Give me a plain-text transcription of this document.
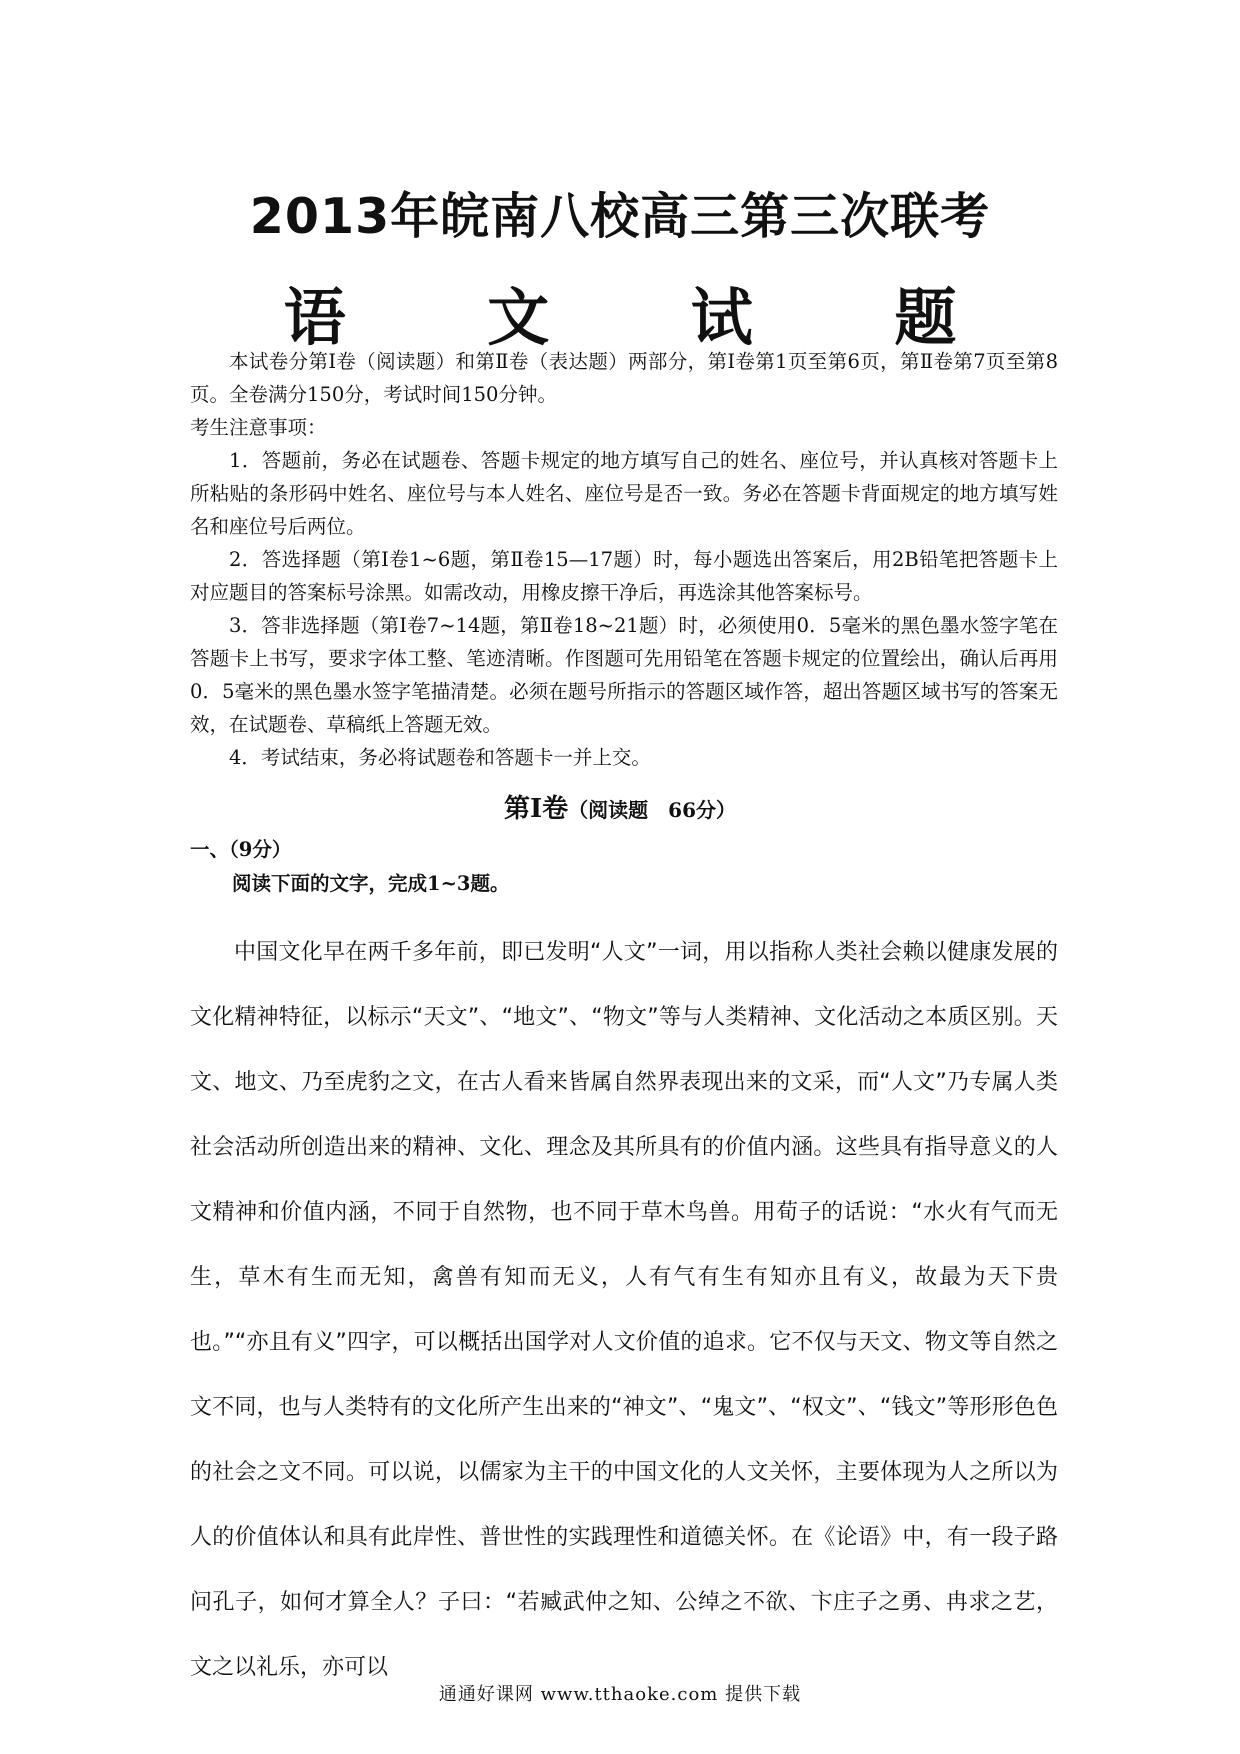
2013年皖南八校高三第三次联考
语 文 试 题

本试卷分第Ⅰ卷（阅读题）和第Ⅱ卷（表达题）两部分，第Ⅰ卷第1页至第6页，第Ⅱ卷第7页至第8页。全卷满分150分，考试时间150分钟。

考生注意事项：

1．答题前，务必在试题卷、答题卡规定的地方填写自己的姓名、座位号，并认真核对答题卡上所粘贴的条形码中姓名、座位号与本人姓名、座位号是否一致。务必在答题卡背面规定的地方填写姓名和座位号后两位。

2．答选择题（第Ⅰ卷1~6题，第Ⅱ卷15—17题）时，每小题选出答案后，用2B铅笔把答题卡上对应题目的答案标号涂黑。如需改动，用橡皮擦干净后，再选涂其他答案标号。

3．答非选择题（第Ⅰ卷7~14题，第Ⅱ卷18~21题）时，必须使用0．5毫米的黑色墨水签字笔在答题卡上书写，要求字体工整、笔迹清晰。作图题可先用铅笔在答题卡规定的位置绘出，确认后再用0．5毫米的黑色墨水签字笔描清楚。必须在题号所指示的答题区域作答，超出答题区域书写的答案无效，在试题卷、草稿纸上答题无效。

4．考试结束，务必将试题卷和答题卡一并上交。

第Ⅰ卷（阅读题　66分）
一、（9分）
阅读下面的文字，完成1~3题。

中国文化早在两千多年前，即已发明“人文”一词，用以指称人类社会赖以健康发展的文化精神特征，以标示“天文”、“地文”、“物文”等与人类精神、文化活动之本质区别。天文、地文、乃至虎豹之文，在古人看来皆属自然界表现出来的文采，而“人文”乃专属人类社会活动所创造出来的精神、文化、理念及其所具有的价值内涵。这些具有指导意义的人文精神和价值内涵，不同于自然物，也不同于草木鸟兽。用荀子的话说：“水火有气而无生，草木有生而无知，禽兽有知而无义，人有气有生有知亦且有义，故最为天下贵也。”“亦且有义”四字，可以概括出国学对人文价值的追求。它不仅与天文、物文等自然之文不同，也与人类特有的文化所产生出来的“神文”、“鬼文”、“权文”、“钱文”等形形色色的社会之文不同。可以说，以儒家为主干的中国文化的人文关怀，主要体现为人之所以为人的价值体认和具有此岸性、普世性的实践理性和道德关怀。在《论语》中，有一段子路问孔子，如何才算全人？子曰：“若臧武仲之知、公绰之不欲、卞庄子之勇、冉求之艺，文之以礼乐，亦可以

通通好课网 www.tthaoke.com 提供下载
